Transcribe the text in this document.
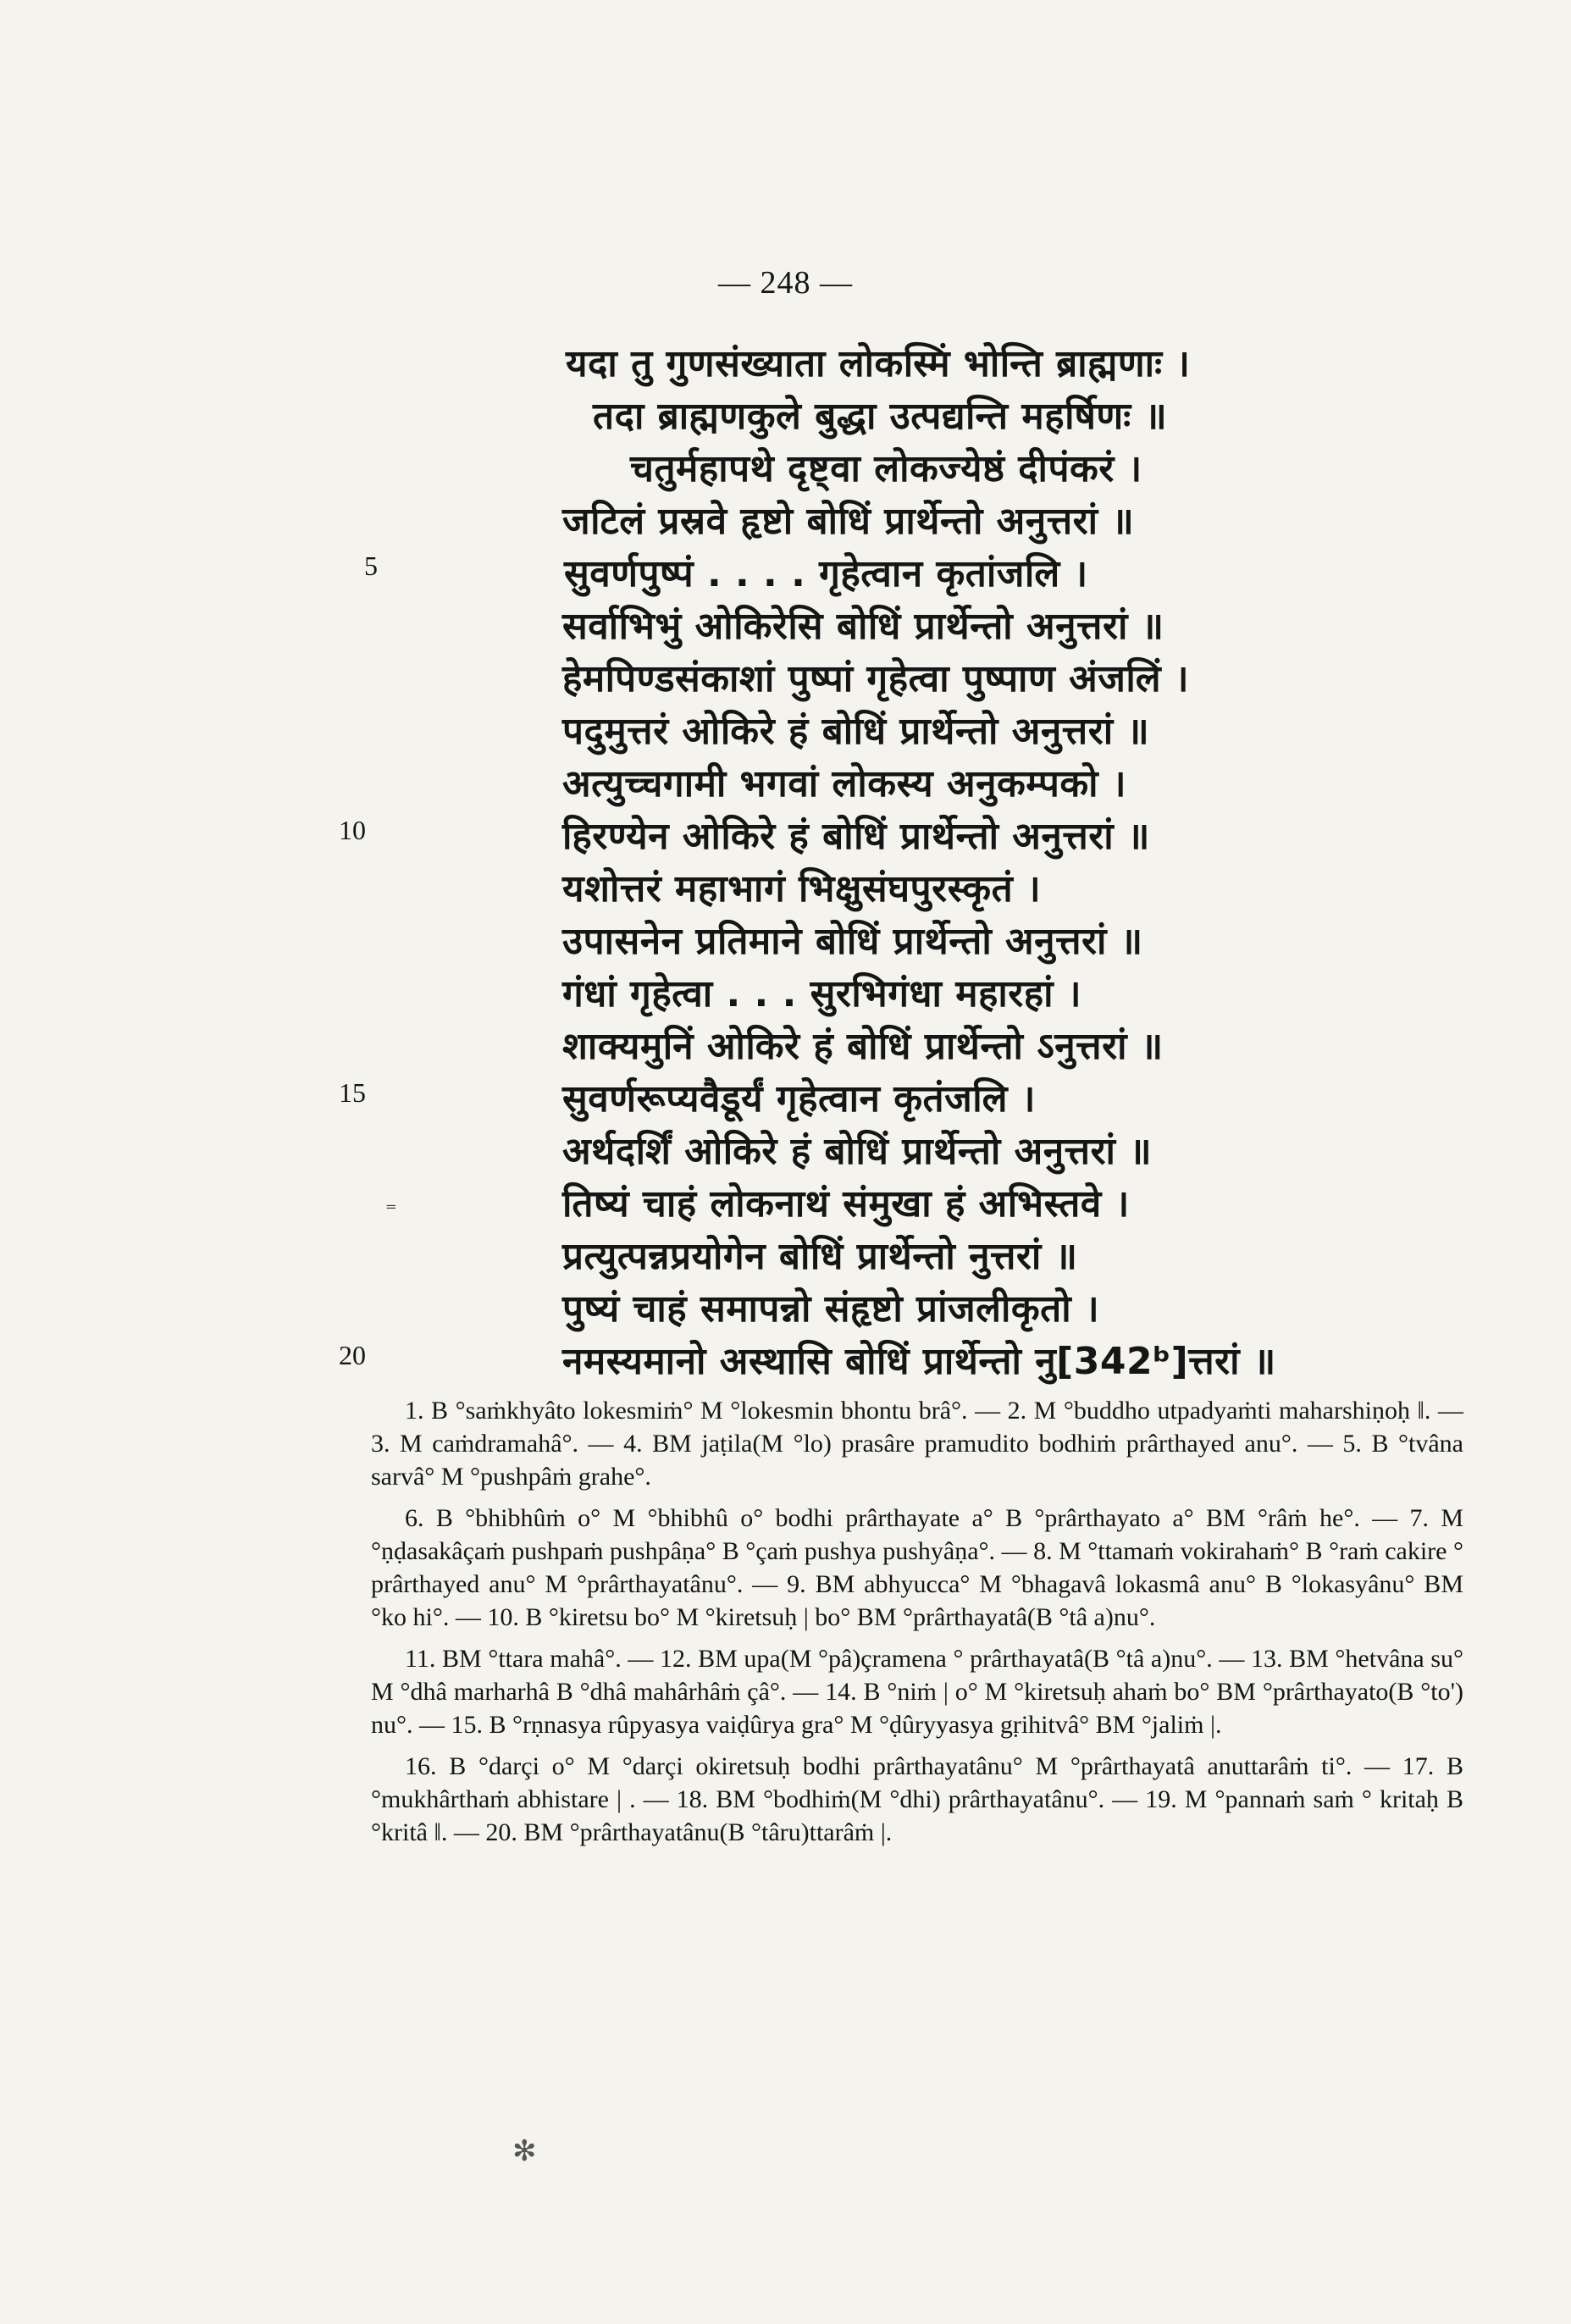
— 248 —
यदा तु गुणसंख्याता लोकस्मिं भोन्ति ब्राह्मणाः ।
तदा ब्राह्मणकुले बुद्धा उत्पद्यन्ति महर्षिणः ॥
चतुर्महापथे दृष्ट्वा लोकज्येष्ठं दीपंकरं ।
जटिलं प्रस्रवे हृष्टो बोधिं प्रार्थेन्तो अनुत्तरां ॥
सुवर्णपुष्पं . . . . गृहेत्वान कृतांजलि ।
सर्वाभिभुं ओकिरेसि बोधिं प्रार्थेन्तो अनुत्तरां ॥
हेमपिण्डसंकाशां पुष्पां गृहेत्वा पुष्पाण अंजलिं ।
पदुमुत्तरं ओकिरे हं बोधिं प्रार्थेन्तो अनुत्तरां ॥
अत्युच्चगामी भगवां लोकस्य अनुकम्पको ।
हिरण्येन ओकिरे हं बोधिं प्रार्थेन्तो अनुत्तरां ॥
यशोत्तरं महाभागं भिक्षुसंघपुरस्कृतं ।
उपासनेन प्रतिमाने बोधिं प्रार्थेन्तो अनुत्तरां ॥
गंधां गृहेत्वा . . . सुरभिगंधा महारहां ।
शाक्यमुनिं ओकिरे हं बोधिं प्रार्थेन्तो ऽनुत्तरां ॥
सुवर्णरूप्यवैडूर्यं गृहेत्वान कृतंजलि ।
अर्थदर्शिं ओकिरे हं बोधिं प्रार्थेन्तो अनुत्तरां ॥
तिष्यं चाहं लोकनाथं संमुखा हं अभिस्तवे ।
प्रत्युत्पन्नप्रयोगेन बोधिं प्रार्थेन्तो नुत्तरां ॥
पुष्यं चाहं समापन्नो संहृष्टो प्रांजलीकृतो ।
नमस्यमानो अस्थासि बोधिं प्रार्थेन्तो नु[342ᵇ]त्तरां ॥
5
10
15
20
⁼

1. B °saṁkhyâto lokesmiṁ° M °lokesmin bhontu brâ°. — 2. M °buddho utpadyaṁti maharshiṇoḥ ‖. — 3. M caṁdramahâ°. — 4. BM jaṭila(M °lo) prasâre pramudito bodhiṁ prârthayed anu°. — 5. B °tvâna sarvâ° M °pushpâṁ grahe°.

6. B °bhibhûṁ o° M °bhibhû o° bodhi prârthayate a° B °prârthayato a° BM °râṁ he°. — 7. M °ṇḍasakâçaṁ pushpaṁ pushpâṇa° B °çaṁ pushya pushyâṇa°. — 8. M °ttamaṁ vokirahaṁ° B °raṁ cakire ° prârthayed anu° M °prârthayatânu°. — 9. BM abhyucca° M °bhagavâ lokasmâ anu° B °lokasyânu° BM °ko hi°. — 10. B °kiretsu bo° M °kiretsuḥ | bo° BM °prârthayatâ(B °tâ a)nu°.

11. BM °ttara mahâ°. — 12. BM upa(M °pâ)çramena ° prârthayatâ(B °tâ a)nu°. — 13. BM °hetvâna su° M °dhâ marharhâ B °dhâ mahârhâṁ çâ°. — 14. B °niṁ | o° M °kiretsuḥ ahaṁ bo° BM °prârthayato(B °to') nu°. — 15. B °rṇnasya rûpyasya vaiḍûrya gra° M °ḍûryyasya gṛihitvâ° BM °jaliṁ |.

16. B °darçi o° M °darçi okiretsuḥ bodhi prârthayatânu° M °prârthayatâ anuttarâṁ ti°. — 17. B °mukhârthaṁ abhistare | . — 18. BM °bodhiṁ(M °dhi) prârthayatânu°. — 19. M °pannaṁ saṁ ° kritaḥ B °kritâ ‖. — 20. BM °prârthayatânu(B °târu)ttarâṁ |.

✻
